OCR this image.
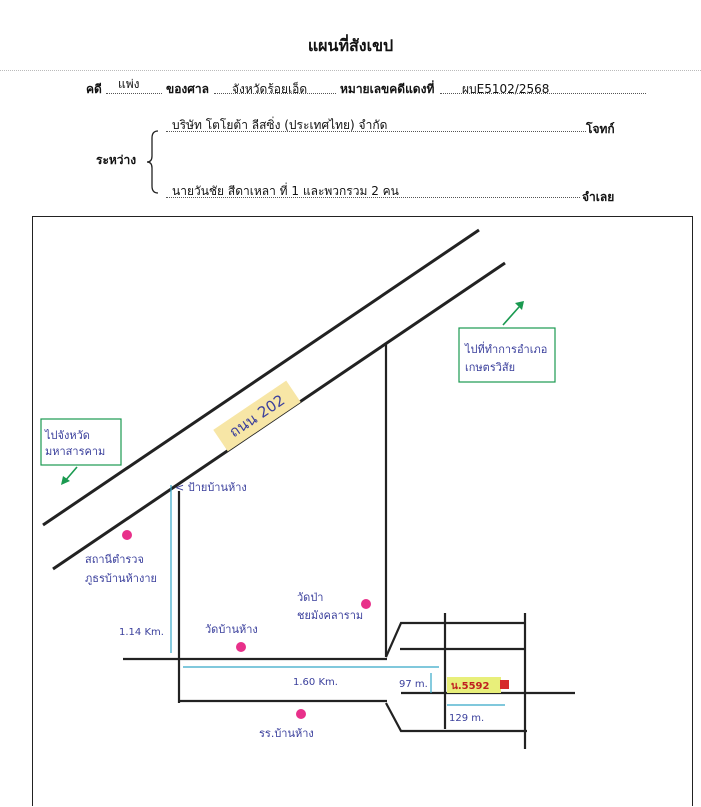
แผนที่สังเขป
คดี แพ่ง ของศาล จังหวัดร้อยเอ็ด	หมายเลขคดีแดงที่ ผบE5102/2568
บริษัท โตโยต้า ลีสซิ่ง (ประเทศไทย) จำกัด	โจทก์
ระหว่าง
นายวันชัย สีดาเหลา ที่ 1 และพวกรวม 2 คน	จำเลย
ถนน 202
ไปที่ทำการอำเภอ
เกษตรวิสัย
ไปจังหวัด
มหาสารคาม
< ป้ายบ้านห้าง
สถานีตำรวจ
ภูธรบ้านห้างาย
วัดป่า
ชยมังคลาราม
วัดบ้านห้าง
รร.บ้านห้าง
1.14 Km.
1.60 Km.	97 m.
129 m.
น.5592
